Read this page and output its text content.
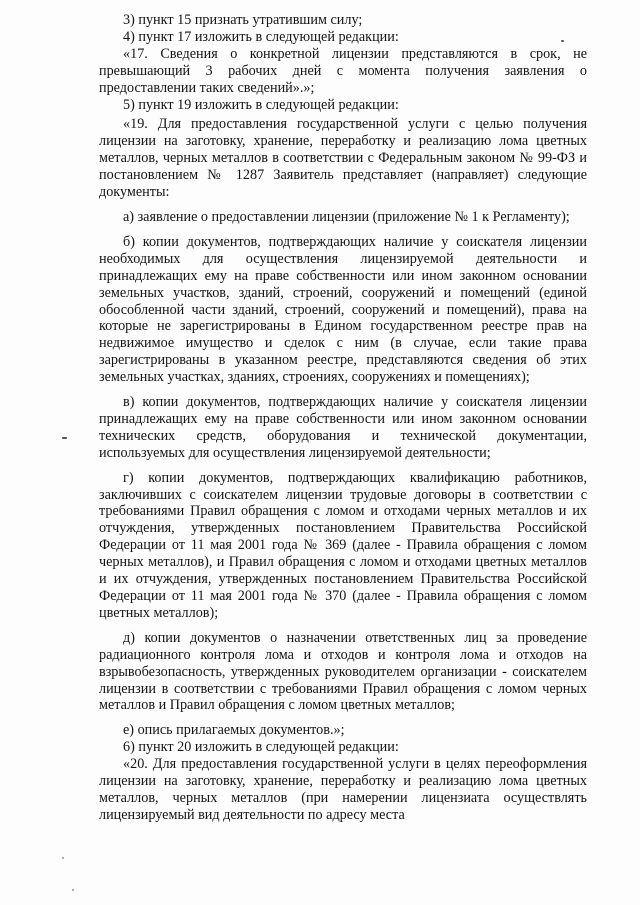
3) пункт 15 признать утратившим силу;

4) пункт 17 изложить в следующей редакции:

«17. Сведения о конкретной лицензии представляются в срок, не превышающий 3 рабочих дней с момента получения заявления о предоставлении таких сведений».»;

5) пункт 19 изложить в следующей редакции:

«19. Для предоставления государственной услуги с целью получения лицензии на заготовку, хранение, переработку и реализацию лома цветных металлов, черных металлов в соответствии с Федеральным законом № 99-ФЗ и постановлением № 1287 Заявитель представляет (направляет) следующие документы:

а) заявление о предоставлении лицензии (приложение № 1 к Регламенту);

б) копии документов, подтверждающих наличие у соискателя лицензии необходимых для осуществления лицензируемой деятельности и принадлежащих ему на праве собственности или ином законном основании земельных участков, зданий, строений, сооружений и помещений (единой обособленной части зданий, строений, сооружений и помещений), права на которые не зарегистрированы в Едином государственном реестре прав на недвижимое имущество и сделок с ним (в случае, если такие права зарегистрированы в указанном реестре, представляются сведения об этих земельных участках, зданиях, строениях, сооружениях и помещениях);

в) копии документов, подтверждающих наличие у соискателя лицензии принадлежащих ему на праве собственности или ином законном основании технических средств, оборудования и технической документации, используемых для осуществления лицензируемой деятельности;

г) копии документов, подтверждающих квалификацию работников, заключивших с соискателем лицензии трудовые договоры в соответствии с требованиями Правил обращения с ломом и отходами черных металлов и их отчуждения, утвержденных постановлением Правительства Российской Федерации от 11 мая 2001 года № 369 (далее - Правила обращения с ломом черных металлов), и Правил обращения с ломом и отходами цветных металлов и их отчуждения, утвержденных постановлением Правительства Российской Федерации от 11 мая 2001 года № 370 (далее - Правила обращения с ломом цветных металлов);

д) копии документов о назначении ответственных лиц за проведение радиационного контроля лома и отходов и контроля лома и отходов на взрывобезопасность, утвержденных руководителем организации - соискателем лицензии в соответствии с требованиями Правил обращения с ломом черных металлов и Правил обращения с ломом цветных металлов;

е) опись прилагаемых документов.»;

6) пункт 20 изложить в следующей редакции:

«20. Для предоставления государственной услуги в целях переоформления лицензии на заготовку, хранение, переработку и реализацию лома цветных металлов, черных металлов (при намерении лицензиата осуществлять лицензируемый вид деятельности по адресу места
